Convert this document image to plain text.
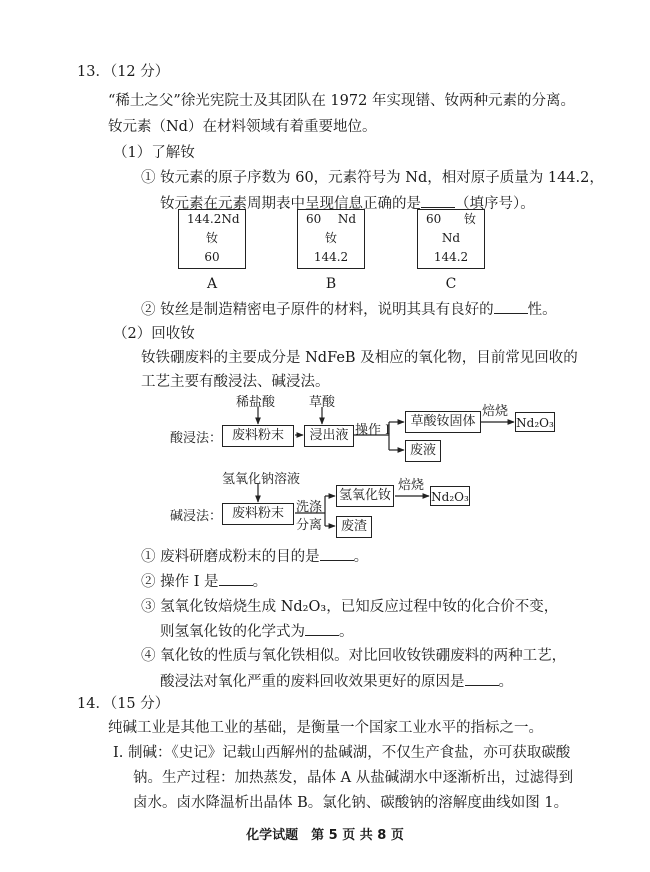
13．（12 分）
“稀土之父”徐光宪院士及其团队在 1972 年实现镨、钕两种元素的分离。
钕元素（Nd）在材料领域有着重要地位。
（1）了解钕
① 钕元素的原子序数为 60，元素符号为 Nd，相对原子质量为 144.2，
钕元素在元素周期表中呈现信息正确的是 （填序号）。
144.2 Nd
钕
60
A
60 Nd
钕
144.2
B
60 钕
Nd
144.2
C
② 钕丝是制造精密电子原件的材料，说明其具有良好的 性。
（2）回收钕
钕铁硼废料的主要成分是 NdFeB 及相应的氧化物，目前常见回收的
工艺主要有酸浸法、碱浸法。
酸浸法：
稀盐酸	草酸
废料粉末	浸出液 操作 Ⅰ
草酸钕固体
焙烧
Nd₂O₃
废液
氢氧化钠溶液
碱浸法： 废料粉末 洗涤
分离
氢氧化钕
焙烧
Nd₂O₃
废渣
① 废料研磨成粉末的目的是 。
② 操作 Ⅰ 是 。
③ 氢氧化钕焙烧生成 Nd₂O₃，已知反应过程中钕的化合价不变，
则氢氧化钕的化学式为 。
④ 氧化钕的性质与氧化铁相似。对比回收钕铁硼废料的两种工艺，
酸浸法对氧化严重的废料回收效果更好的原因是 。
14．（15 分）
纯碱工业是其他工业的基础，是衡量一个国家工业水平的指标之一。
Ⅰ. 制碱：《史记》记载山西解州的盐碱湖，不仅生产食盐，亦可获取碳酸
钠。生产过程：加热蒸发，晶体 A 从盐碱湖水中逐渐析出，过滤得到
卤水。卤水降温析出晶体 B。氯化钠、碳酸钠的溶解度曲线如图 1。
化学试题　第 5 页 共 8 页
